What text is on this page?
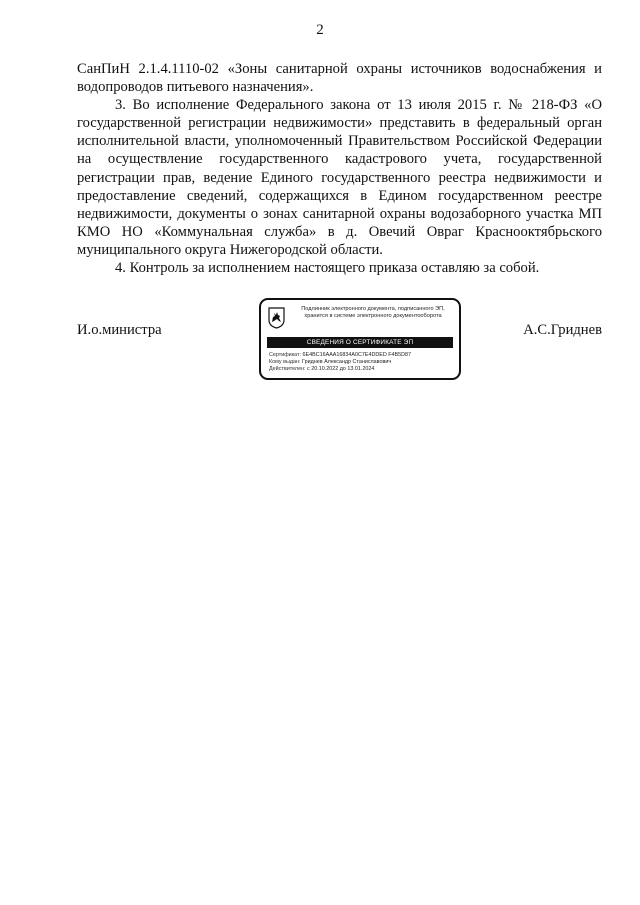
2

СанПиН 2.1.4.1110-02 «Зоны санитарной охраны источников водоснабжения и водопроводов питьевого назначения».

3. Во исполнение Федерального закона от 13 июля 2015 г. № 218-ФЗ «О государственной регистрации недвижимости» представить в федеральный орган исполнительной власти, уполномоченный Правительством Российской Федерации на осуществление государственного кадастрового учета, государственной регистрации прав, ведение Единого государственного реестра недвижимости и предоставление сведений, содержащихся в Едином государственном реестре недвижимости, документы о зонах санитарной охраны водозаборного участка МП КМО НО «Коммунальная служба» в д. Овечий Овраг Краснооктябрьского муниципального округа Нижегородской области.

4. Контроль за исполнением настоящего приказа оставляю за собой.

И.о.министра	А.С.Гриднев
Подлинник электронного документа, подписанного ЭП,
хранится в системе электронного документооборота
СВЕДЕНИЯ О СЕРТИФИКАТЕ ЭП
Сертификат: 6E4BC16AAA16834A0C7E4DDED F4B5D87
Кому выдан: Гриднев Александр Станиславович
Действителен: с 20.10.2022 до 13.01.2024
